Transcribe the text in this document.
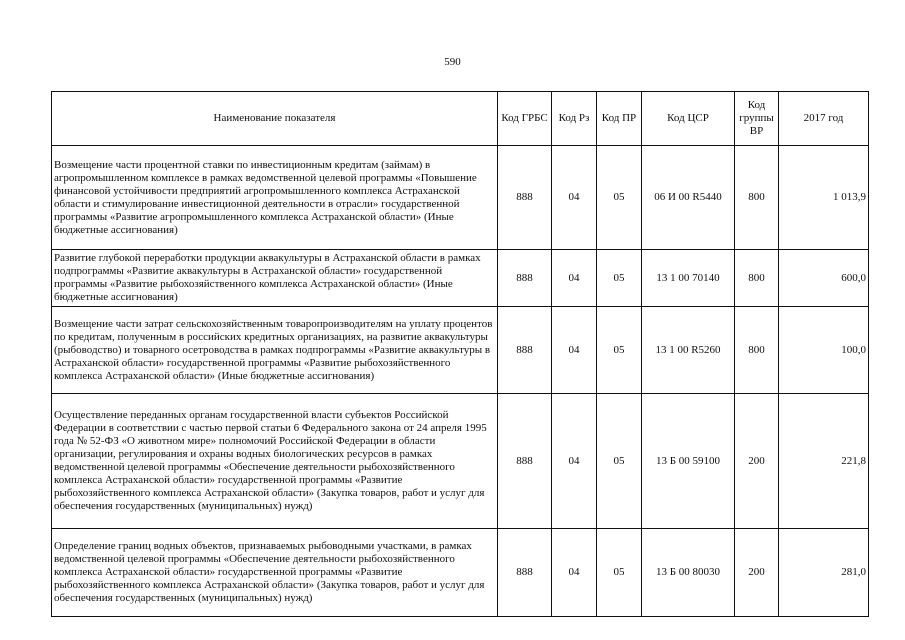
590
Наименование показателя	Код ГРБС	Код Рз	Код ПР	Код ЦСР	Код группы ВР	2017 год
Возмещение части процентной ставки по инвестиционным кредитам (займам) в агропромышленном комплексе в рамках ведомственной целевой программы «Повышение финансовой устойчивости предприятий агропромышленного комплекса Астраханской области и стимулирование инвестиционной деятельности в отрасли» государственной программы «Развитие агропромышленного комплекса Астраханской области» (Иные бюджетные ассигнования)	888	04	05	06 И 00 R5440	800	1 013,9
Развитие глубокой переработки продукции аквакультуры в Астраханской области в рамках подпрограммы «Развитие аквакультуры в Астраханской области» государственной программы «Развитие рыбохозяйственного комплекса Астраханской области» (Иные бюджетные ассигнования)	888	04	05	13 1 00 70140	800	600,0
Возмещение части затрат сельскохозяйственным товаропроизводителям на уплату процентов по кредитам, полученным в российских кредитных организациях, на развитие аквакультуры (рыбоводство) и товарного осетроводства в рамках подпрограммы «Развитие аквакультуры в Астраханской области» государственной программы «Развитие рыбохозяйственного комплекса Астраханской области» (Иные бюджетные ассигнования)	888	04	05	13 1 00 R5260	800	100,0
Осуществление переданных органам государственной власти субъектов Российской Федерации в соответствии с частью первой статьи 6 Федерального закона от 24 апреля 1995 года № 52-ФЗ «О животном мире» полномочий Российской Федерации в области организации, регулирования и охраны водных биологических ресурсов в рамках ведомственной целевой программы «Обеспечение деятельности рыбохозяйственного комплекса Астраханской области» государственной программы «Развитие рыбохозяйственного комплекса Астраханской области» (Закупка товаров, работ и услуг для обеспечения государственных (муниципальных) нужд)	888	04	05	13 Б 00 59100	200	221,8
Определение границ водных объектов, признаваемых рыбоводными участками, в рамках ведомственной целевой программы «Обеспечение деятельности рыбохозяйственного комплекса Астраханской области» государственной программы «Развитие рыбохозяйственного комплекса Астраханской области» (Закупка товаров, работ и услуг для обеспечения государственных (муниципальных) нужд)	888	04	05	13 Б 00 80030	200	281,0
